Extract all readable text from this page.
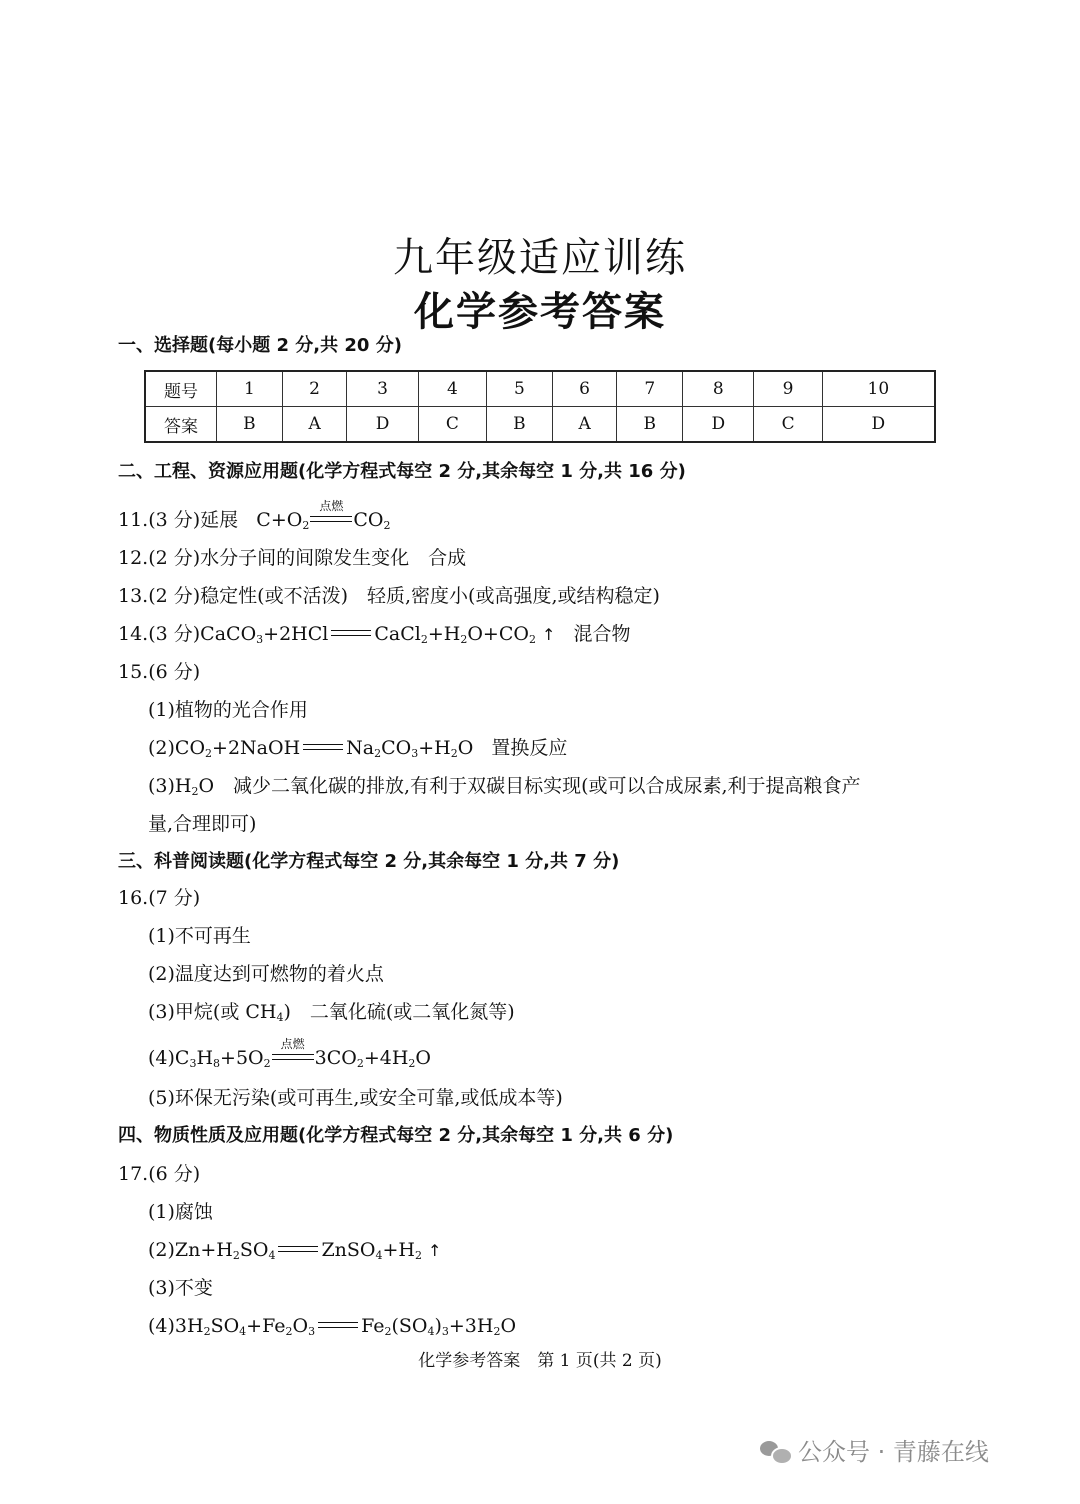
九年级适应训练
化学参考答案
一、选择题(每小题 2 分,共 20 分)
题号	1	2	3	4	5	6	7	8	9	10
答案	B	A	D	C	B	A	B	D	C	D
二、工程、资源应用题(化学方程式每空 2 分,其余每空 1 分,共 16 分)
11.(3 分)延展 $C+O_2$
点燃
$CO_2$
12.(2 分)水分子间的间隙发生变化　合成
13.(2 分)稳定性(或不活泼)　轻质,密度小(或高强度,或结构稳定)
14.(3 分)CaCO$_3$+2HCl $CaCl_2+H_2O+CO_2$ ↑ 混合物
15.(6 分)
(1)植物的光合作用
$(2)CO_2+2NaOH$ $Na_2CO_3+H_2O$ 置换反应
$(3)H_2O$　减少二氧化碳的排放,有利于双碳目标实现(或可以合成尿素,利于提高粮食产
量,合理即可)
三、科普阅读题(化学方程式每空 2 分,其余每空 1 分,共 7 分)
16.(7 分)
(1)不可再生
(2)温度达到可燃物的着火点
(3)甲烷(或 $CH_4$)　二氧化硫(或二氧化氮等)
$(4)C_3H_8+5O_2$
点燃
$3CO_2+4H_2O$
(5)环保无污染(或可再生,或安全可靠,或低成本等)
四、物质性质及应用题(化学方程式每空 2 分,其余每空 1 分,共 6 分)
17.(6 分)
(1)腐蚀
$(2)Zn+H_2SO_4$ $ZnSO_4+H_2$ ↑
(3)不变
$(4)3H_2SO_4+Fe_2O_3$ $Fe_2(SO_4)_3+3H_2O$
化学参考答案　第 1 页(共 2 页)
公众号 · 青藤在线
